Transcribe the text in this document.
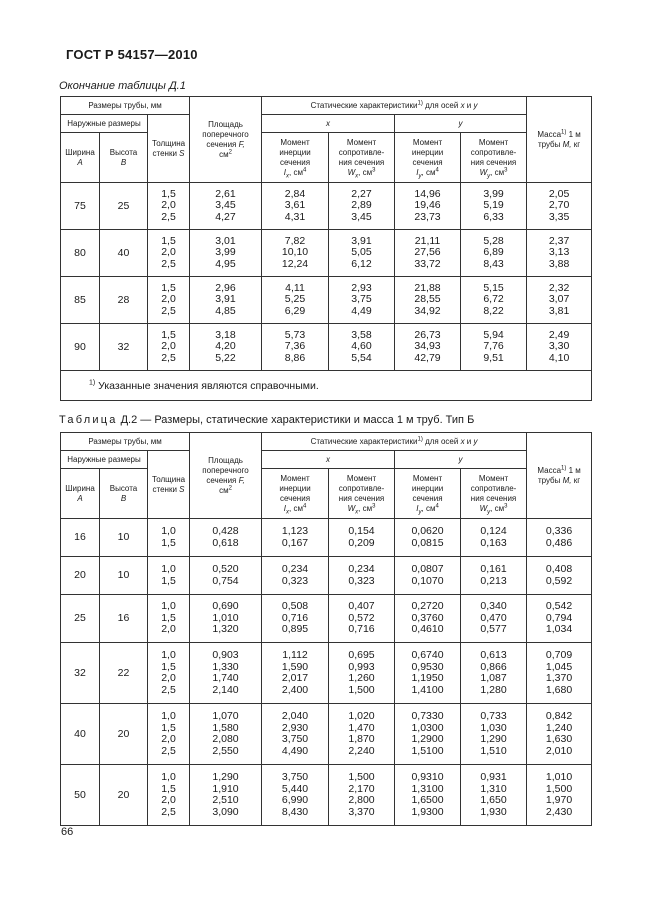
ГОСТ Р 54157—2010
Окончание таблицы Д.1
Размеры трубы, мм			Площадь
поперечного
сечения F,
$см^2$	Статические характеристики$^{1)}$ для осей x и y				Масса$^{1)}$ 1 м
трубы M, кг
Наружные размеры		Толщина
стенки S		x		y		
Ширина
A	Высота
B			Момент
инерции
сечения
$I_x$, $см^4$	Момент
сопротивле-
ния сечения
$W_x$, $см^3$	Момент
инерции
сечения
$I_y$, $см^4$	Момент
сопротивле-
ния сечения
$W_y$, $см^3$
75	25	1,5
2,0
2,5	2,61
3,45
4,27	2,84
3,61
4,31	2,27
2,89
3,45	14,96
19,46
23,73	3,99
5,19
6,33	2,05
2,70
3,35

80	40	1,5
2,0
2,5	3,01
3,99
4,95	7,82
10,10
12,24	3,91
5,05
6,12	21,11
27,56
33,72	5,28
6,89
8,43	2,37
3,13
3,88

85	28	1,5
2,0
2,5	2,96
3,91
4,85	4,11
5,25
6,29	2,93
3,75
4,49	21,88
28,55
34,92	5,15
6,72
8,22	2,32
3,07
3,81

90	32	1,5
2,0
2,5	3,18
4,20
5,22	5,73
7,36
8,86	3,58
4,60
5,54	26,73
34,93
42,79	5,94
7,76
9,51	2,49
3,30
4,10

$^{1)}$ Указанные значения являются справочными.								
Таблица Д.2 — Размеры, статические характеристики и масса 1 м труб. Тип Б
Размеры трубы, мм			Площадь
поперечного
сечения F,
$см^2$	Статические характеристики$^{1)}$ для осей x и y				Масса$^{1)}$ 1 м
трубы M, кг
Наружные размеры		Толщина
стенки S		x		y		
Ширина
A	Высота
B			Момент
инерции
сечения
$I_x$, $см^4$	Момент
сопротивле-
ния сечения
$W_x$, $см^3$	Момент
инерции
сечения
$I_y$, $см^4$	Момент
сопротивле-
ния сечения
$W_y$, $см^3$
16	10	1,0
1,5	0,428
0,618	1,123
0,167	0,154
0,209	0,0620
0,0815	0,124
0,163	0,336
0,486

20	10	1,0
1,5	0,520
0,754	0,234
0,323	0,234
0,323	0,0807
0,1070	0,161
0,213	0,408
0,592

25	16	1,0
1,5
2,0	0,690
1,010
1,320	0,508
0,716
0,895	0,407
0,572
0,716	0,2720
0,3760
0,4610	0,340
0,470
0,577	0,542
0,794
1,034

32	22	1,0
1,5
2,0
2,5	0,903
1,330
1,740
2,140	1,112
1,590
2,017
2,400	0,695
0,993
1,260
1,500	0,6740
0,9530
1,1950
1,4100	0,613
0,866
1,087
1,280	0,709
1,045
1,370
1,680

40	20	1,0
1,5
2,0
2,5	1,070
1,580
2,080
2,550	2,040
2,930
3,750
4,490	1,020
1,470
1,870
2,240	0,7330
1,0300
1,2900
1,5100	0,733
1,030
1,290
1,510	0,842
1,240
1,630
2,010

50	20	1,0
1,5
2,0
2,5	1,290
1,910
2,510
3,090	3,750
5,440
6,990
8,430	1,500
2,170
2,800
3,370	0,9310
1,3100
1,6500
1,9300	0,931
1,310
1,650
1,930	1,010
1,500
1,970
2,430
66
